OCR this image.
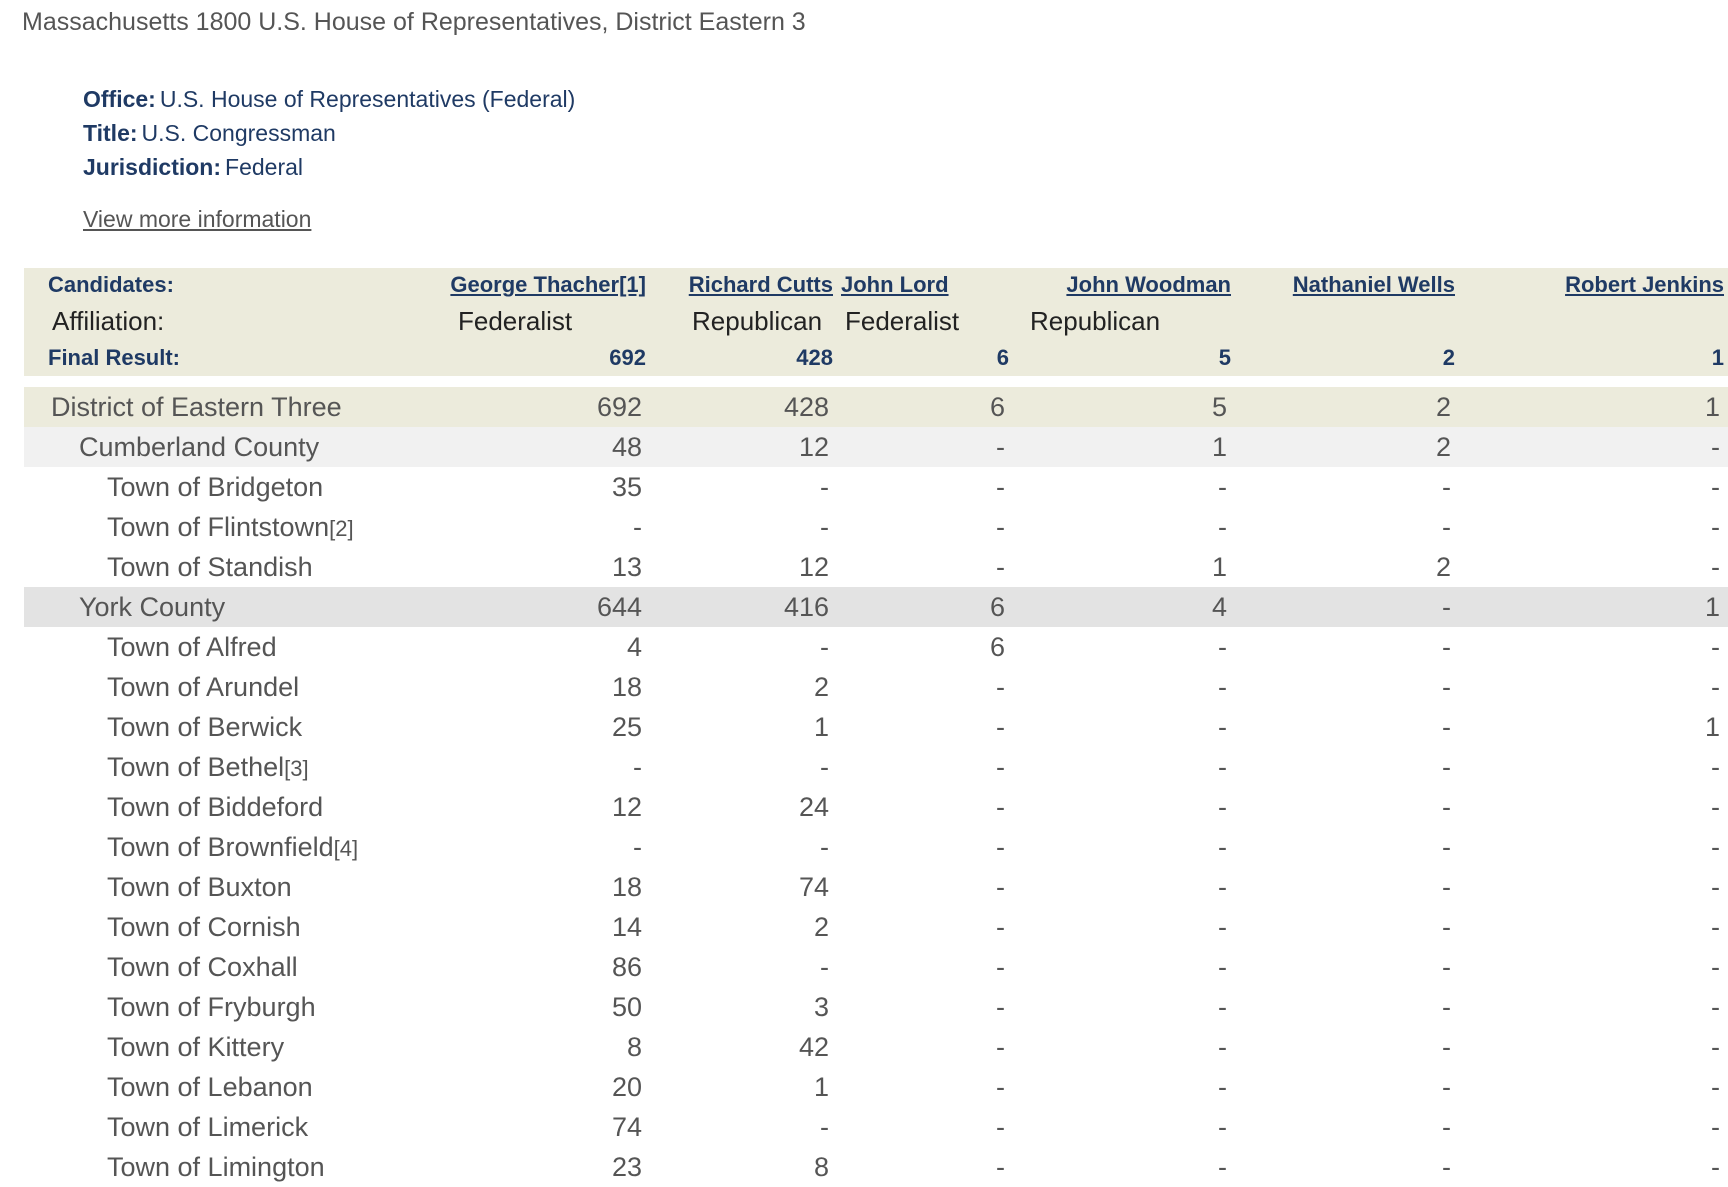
Massachusetts 1800 U.S. House of Representatives, District Eastern 3
Office: U.S. House of Representatives (Federal)
Title: U.S. Congressman
Jurisdiction: Federal
View more information
Candidates:	George Thacher[1]	Richard Cutts	John Lord	John Woodman	Nathaniel Wells	Robert Jenkins
Affiliation:	Federalist	Republican	Federalist	Republican		
Final Result:	692	428	6	5	2	1

District of Eastern Three	692	428	6	5	2	1
Cumberland County	48	12	-	1	2	-
Town of Bridgeton	35	-	-	-	-	-
Town of Flintstown[2]	-	-	-	-	-	-
Town of Standish	13	12	-	1	2	-
York County	644	416	6	4	-	1
Town of Alfred	4	-	6	-	-	-
Town of Arundel	18	2	-	-	-	-
Town of Berwick	25	1	-	-	-	1
Town of Bethel[3]	-	-	-	-	-	-
Town of Biddeford	12	24	-	-	-	-
Town of Brownfield[4]	-	-	-	-	-	-
Town of Buxton	18	74	-	-	-	-
Town of Cornish	14	2	-	-	-	-
Town of Coxhall	86	-	-	-	-	-
Town of Fryburgh	50	3	-	-	-	-
Town of Kittery	8	42	-	-	-	-
Town of Lebanon	20	1	-	-	-	-
Town of Limerick	74	-	-	-	-	-
Town of Limington	23	8	-	-	-	-
